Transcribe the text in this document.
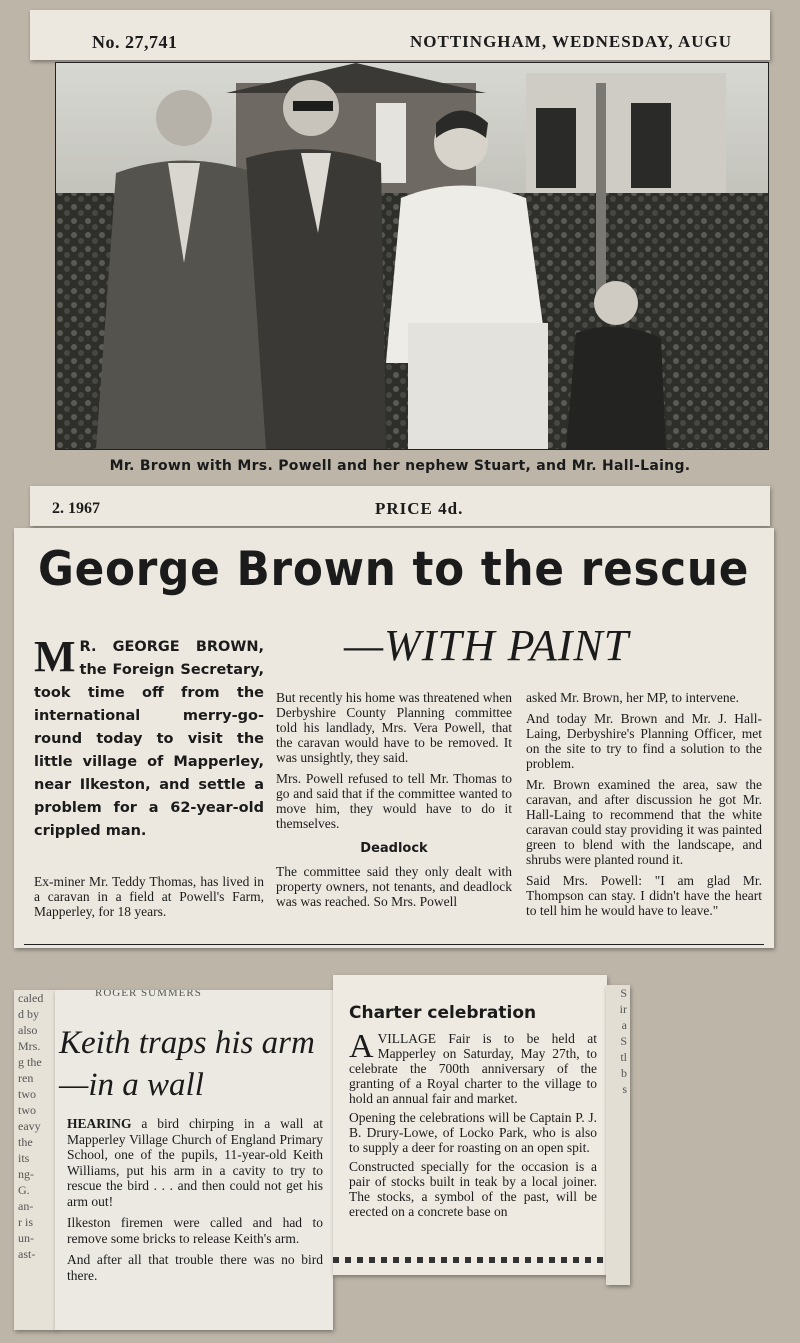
No. 27,741	NOTTINGHAM, WEDNESDAY, AUGU
Mr. Brown with Mrs. Powell and her nephew Stuart, and Mr. Hall-Laing.
2. 1967	PRICE 4d.
George Brown to the rescue
—WITH PAINT

M R. GEORGE BROWN, the Foreign Secretary, took time off from the international merry-go-round today to visit the little village of Mapperley, near Ilkeston, and settle a problem for a 62-year-old crippled man.

Ex-miner Mr. Teddy Thomas, has lived in a caravan in a field at Powell's Farm, Mapperley, for 18 years.

But recently his home was threatened when Derbyshire County Planning committee told his landlady, Mrs. Vera Powell, that the caravan would have to be removed. It was unsightly, they said.

Mrs. Powell refused to tell Mr. Thomas to go and said that if the committee wanted to move him, they would have to do it themselves.

Deadlock

The committee said they only dealt with property owners, not tenants, and deadlock was was reached. So Mrs. Powell

asked Mr. Brown, her MP, to intervene.

And today Mr. Brown and Mr. J. Hall-Laing, Derbyshire's Planning Officer, met on the site to try to find a solution to the problem.

Mr. Brown examined the area, saw the caravan, and after discussion he got Mr. Hall-Laing to recommend that the white caravan could stay providing it was painted green to blend with the landscape, and shrubs were planted round it.

Said Mrs. Powell: "I am glad Mr. Thompson can stay. I didn't have the heart to tell him he would have to leave."

caled
d by
also
Mrs.
g the
ren
two
two
eavy
the
its
ng-
G.
an-
r is
un-
ast-
ROGER SUMMERS
Keith traps his arm—in a wall

HEARING a bird chirping in a wall at Mapperley Village Church of England Primary School, one of the pupils, 11-year-old Keith Williams, put his arm in a cavity to try to rescue the bird . . . and then could not get his arm out!

Ilkeston firemen were called and had to remove some bricks to release Keith's arm.

And after all that trouble there was no bird there.

Charter celebration

A VILLAGE Fair is to be held at Mapperley on Saturday, May 27th, to celebrate the 700th anniversary of the granting of a Royal charter to the village to hold an annual fair and market.

Opening the celebrations will be Captain P. J. B. Drury-Lowe, of Locko Park, who is also to supply a deer for roasting on an open spit.

Constructed specially for the occasion is a pair of stocks built in teak by a local joiner. The stocks, a symbol of the past, will be erected on a concrete base on

S
ir
a
S
tl
b
s
